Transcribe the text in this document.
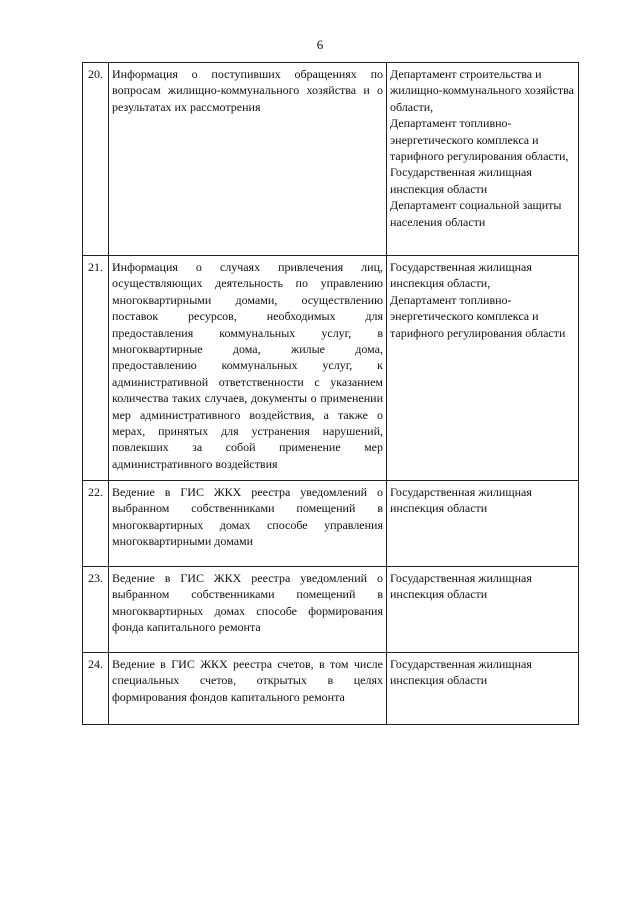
6
20.	Информация о поступивших обращениях по вопросам жилищно-коммунального хозяйства и о результатах их рассмотрения	Департамент строительства и жилищно-коммунального хозяйства области,
Департамент топливно-энергетического комплекса и тарифного регулирования области,
Государственная жилищная инспекция области
Департамент социальной защиты населения области

21.	Информация о случаях привлечения лиц, осуществляющих деятельность по управлению многоквартирными домами, осуществлению поставок ресурсов, необходимых для предоставления коммунальных услуг, в многоквартирные дома, жилые дома, предоставлению коммунальных услуг, к административной ответственности с указанием количества таких случаев, документы о применении мер административного воздействия, а также о мерах, принятых для устранения нарушений, повлекших за собой применение мер административного воздействия	Государственная жилищная инспекция области,
Департамент топливно-энергетического комплекса и тарифного регулирования области

22.	Ведение в ГИС ЖКХ реестра уведомлений о выбранном собственниками помещений в многоквартирных домах способе управления многоквартирными домами	Государственная жилищная инспекция области

23.	Ведение в ГИС ЖКХ реестра уведомлений о выбранном собственниками помещений в многоквартирных домах способе формирования фонда капитального ремонта	Государственная жилищная инспекция области

24.	Ведение в ГИС ЖКХ реестра счетов, в том числе специальных счетов, открытых в целях формирования фондов капитального ремонта	Государственная жилищная инспекция области
